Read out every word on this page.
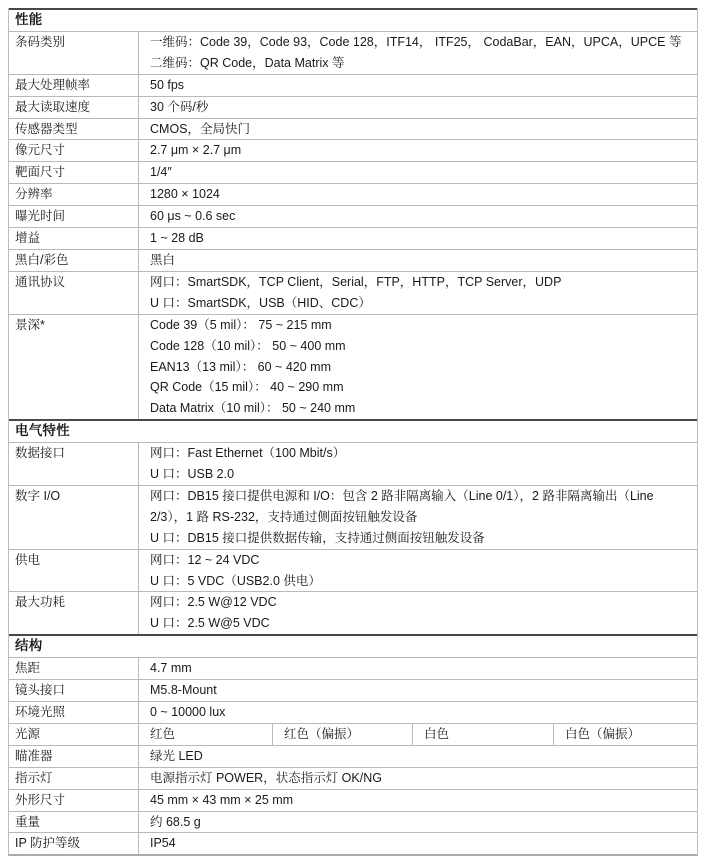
性能
条码类别	一维码：Code 39，Code 93，Code 128，ITF14， ITF25， CodaBar，EAN，UPCA，UPCE 等
二维码：QR Code，Data Matrix 等
最大处理帧率	50 fps
最大读取速度	30 个码/秒
传感器类型	CMOS，全局快门
像元尺寸	2.7 μm × 2.7 μm
靶面尺寸	1/4″
分辨率	1280 × 1024
曝光时间	60 μs ~ 0.6 sec
增益	1 ~ 28 dB
黑白/彩色	黑白
通讯协议	网口：SmartSDK，TCP Client，Serial，FTP，HTTP，TCP Server，UDP
U 口：SmartSDK，USB（HID、CDC）
景深*	Code 39（5 mil）： 75 ~ 215 mm
Code 128（10 mil）： 50 ~ 400 mm
EAN13（13 mil）： 60 ~ 420 mm
QR Code（15 mil）： 40 ~ 290 mm
Data Matrix（10 mil）： 50 ~ 240 mm
电气特性
数据接口	网口：Fast Ethernet（100 Mbit/s）
U 口：USB 2.0
数字 I/O	网口：DB15 接口提供电源和 I/O：包含 2 路非隔离输入（Line 0/1），2 路非隔离输出（Line 2/3），1 路 RS-232，支持通过侧面按钮触发设备
U 口：DB15 接口提供数据传输，支持通过侧面按钮触发设备
供电	网口：12 ~ 24 VDC
U 口：5 VDC（USB2.0 供电）
最大功耗	网口：2.5 W@12 VDC
U 口：2.5 W@5 VDC
结构
焦距	4.7 mm
镜头接口	M5.8-Mount
环境光照	0 ~ 10000 lux
光源	红色	红色（偏振）	白色	白色（偏振）
瞄准器	绿光 LED
指示灯	电源指示灯 POWER，状态指示灯 OK/NG
外形尺寸	45 mm × 43 mm × 25 mm
重量	约 68.5 g
IP 防护等级	IP54
